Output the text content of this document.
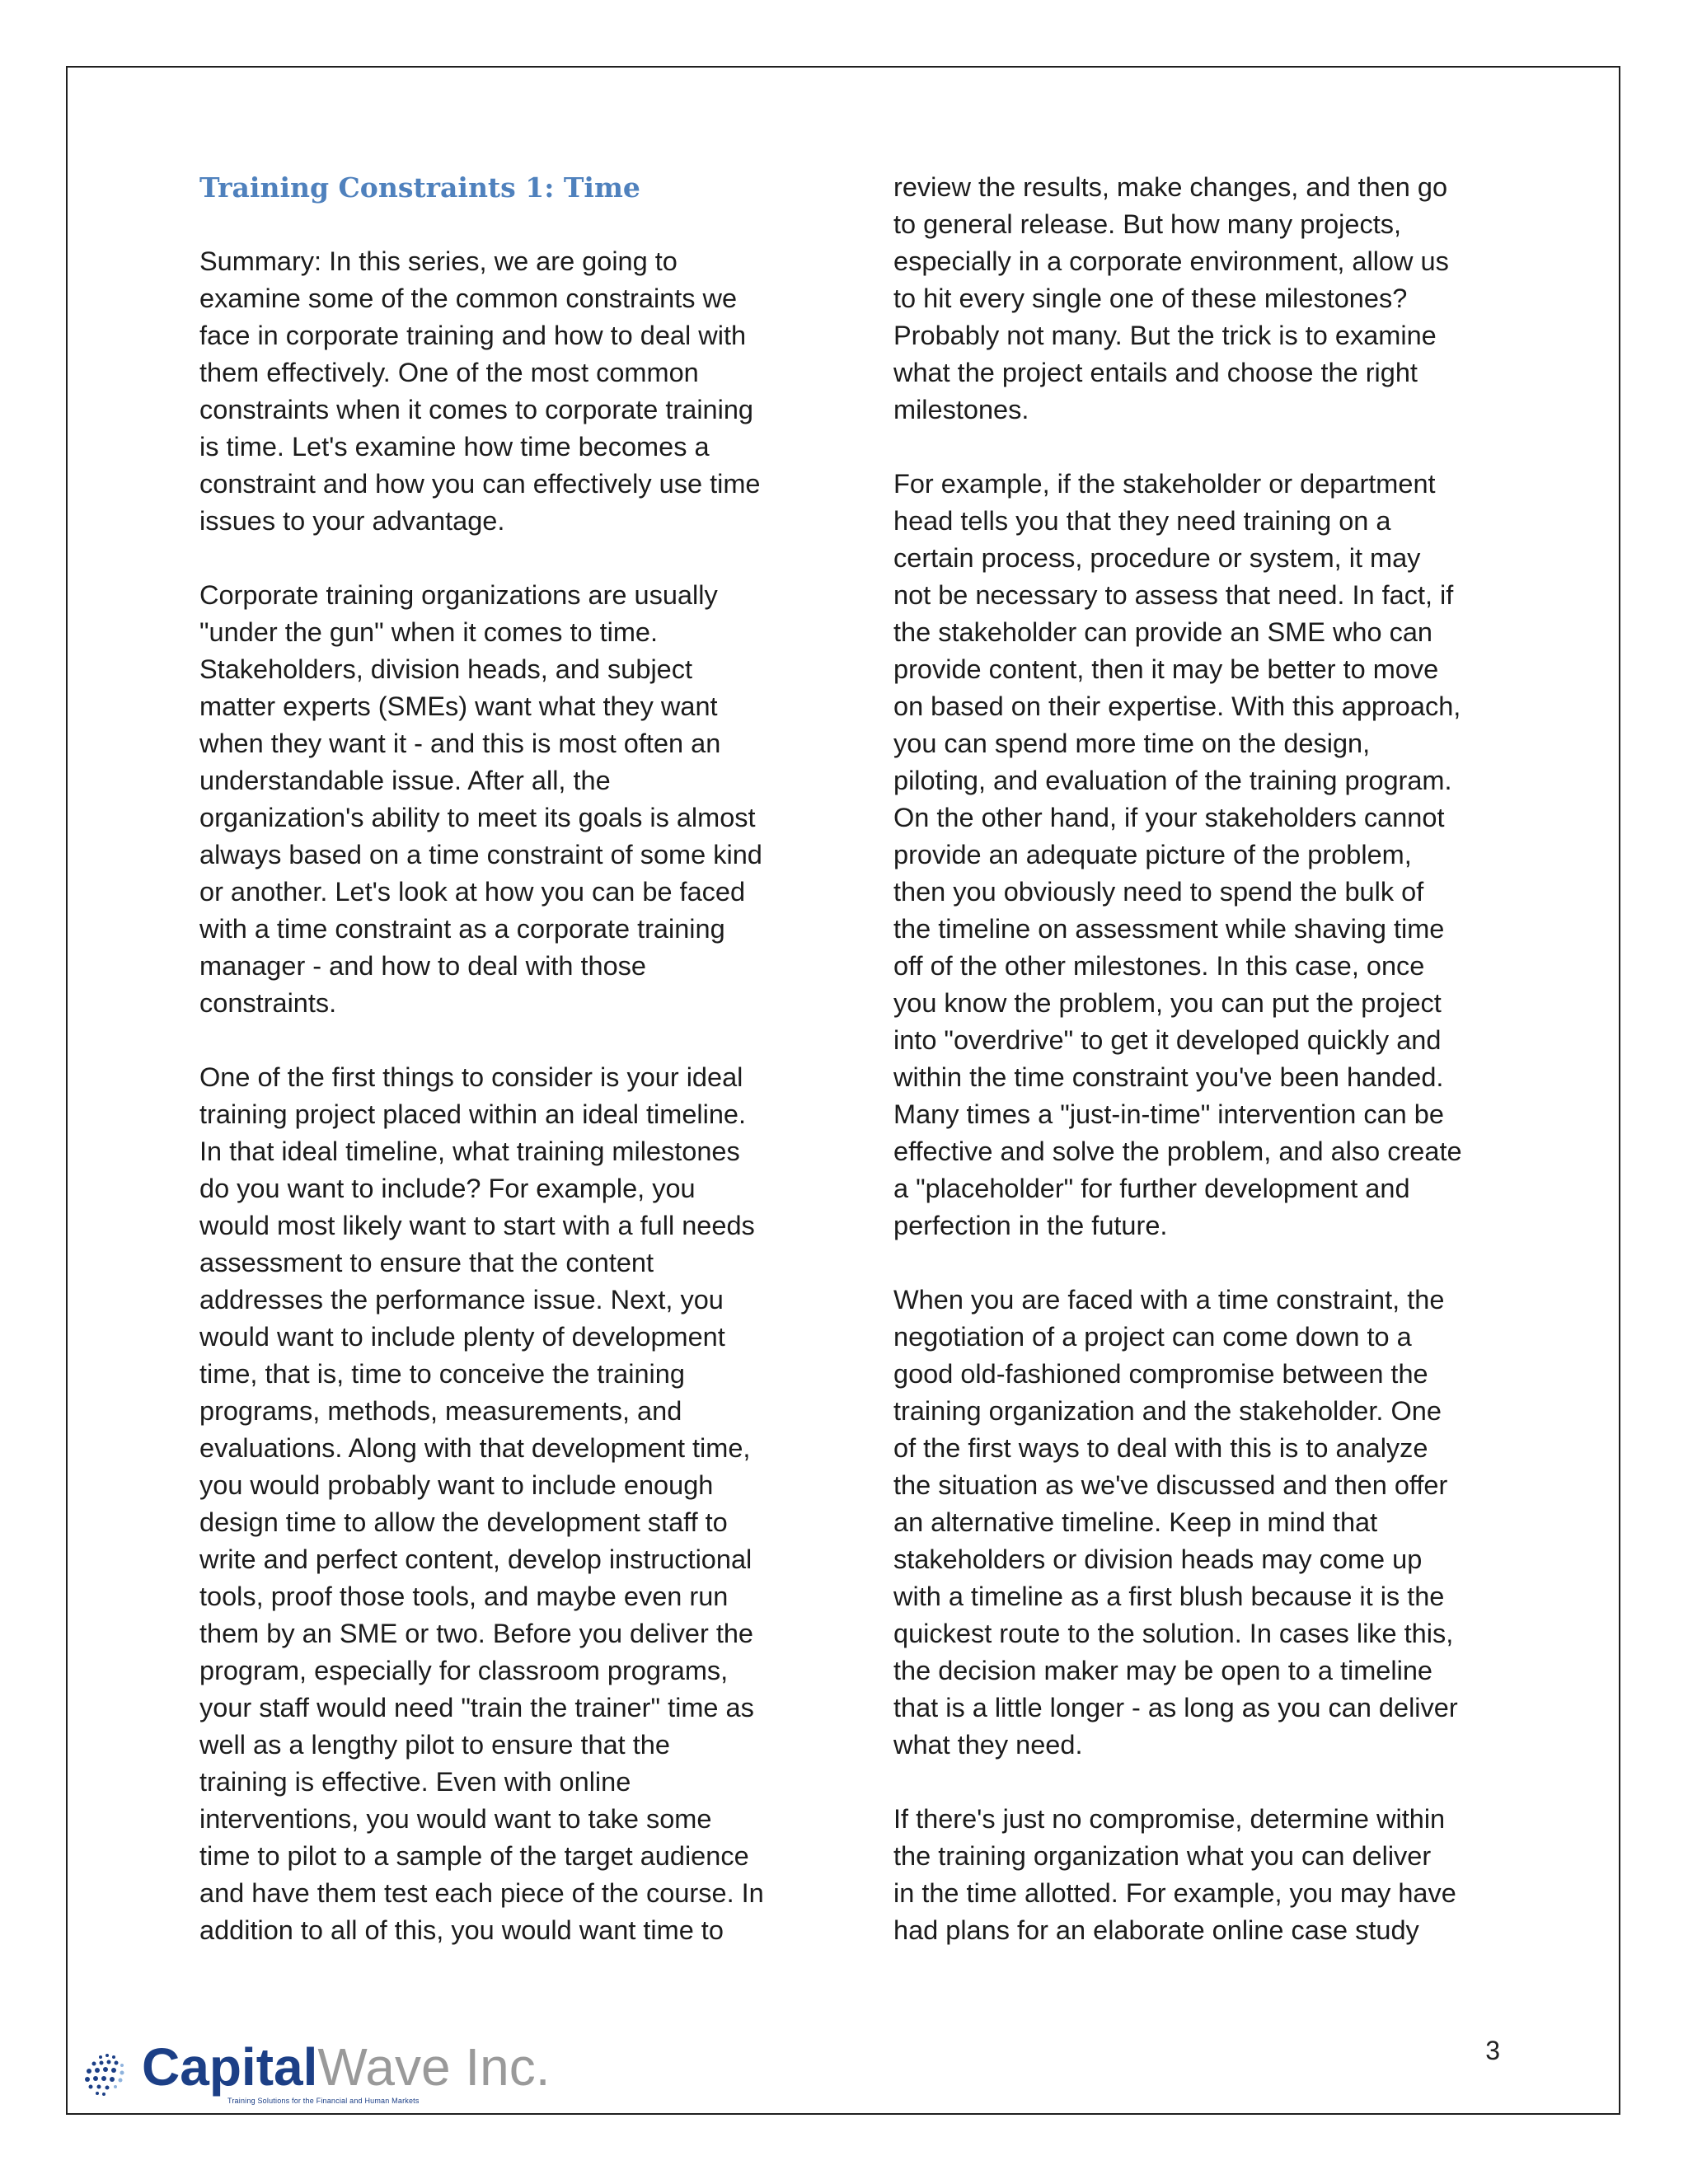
Training Constraints 1: Time

Summary: In this series, we are going to
examine some of the common constraints we
face in corporate training and how to deal with
them effectively. One of the most common
constraints when it comes to corporate training
is time. Let's examine how time becomes a
constraint and how you can effectively use time
issues to your advantage.

Corporate training organizations are usually
"under the gun" when it comes to time.
Stakeholders, division heads, and subject
matter experts (SMEs) want what they want
when they want it - and this is most often an
understandable issue. After all, the
organization's ability to meet its goals is almost
always based on a time constraint of some kind
or another. Let's look at how you can be faced
with a time constraint as a corporate training
manager - and how to deal with those
constraints.

One of the first things to consider is your ideal
training project placed within an ideal timeline.
In that ideal timeline, what training milestones
do you want to include? For example, you
would most likely want to start with a full needs
assessment to ensure that the content
addresses the performance issue. Next, you
would want to include plenty of development
time, that is, time to conceive the training
programs, methods, measurements, and
evaluations. Along with that development time,
you would probably want to include enough
design time to allow the development staff to
write and perfect content, develop instructional
tools, proof those tools, and maybe even run
them by an SME or two. Before you deliver the
program, especially for classroom programs,
your staff would need "train the trainer" time as
well as a lengthy pilot to ensure that the
training is effective. Even with online
interventions, you would want to take some
time to pilot to a sample of the target audience
and have them test each piece of the course. In
addition to all of this, you would want time to

review the results, make changes, and then go
to general release. But how many projects,
especially in a corporate environment, allow us
to hit every single one of these milestones?
Probably not many. But the trick is to examine
what the project entails and choose the right
milestones.

For example, if the stakeholder or department
head tells you that they need training on a
certain process, procedure or system, it may
not be necessary to assess that need. In fact, if
the stakeholder can provide an SME who can
provide content, then it may be better to move
on based on their expertise. With this approach,
you can spend more time on the design,
piloting, and evaluation of the training program.
On the other hand, if your stakeholders cannot
provide an adequate picture of the problem,
then you obviously need to spend the bulk of
the timeline on assessment while shaving time
off of the other milestones. In this case, once
you know the problem, you can put the project
into "overdrive" to get it developed quickly and
within the time constraint you've been handed.
Many times a "just-in-time" intervention can be
effective and solve the problem, and also create
a "placeholder" for further development and
perfection in the future.

When you are faced with a time constraint, the
negotiation of a project can come down to a
good old-fashioned compromise between the
training organization and the stakeholder. One
of the first ways to deal with this is to analyze
the situation as we've discussed and then offer
an alternative timeline. Keep in mind that
stakeholders or division heads may come up
with a timeline as a first blush because it is the
quickest route to the solution. In cases like this,
the decision maker may be open to a timeline
that is a little longer - as long as you can deliver
what they need.

If there's just no compromise, determine within
the training organization what you can deliver
in the time allotted. For example, you may have
had plans for an elaborate online case study

3
CapitalWave Inc.
Training Solutions for the Financial and Human Markets
